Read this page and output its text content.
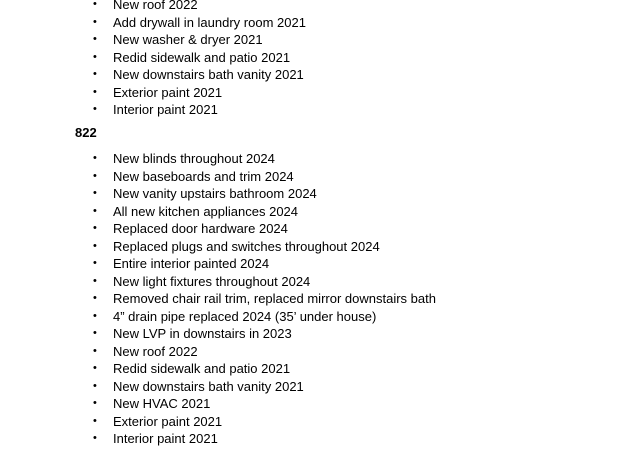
• New roof 2022
• Add drywall in laundry room 2021
• New washer & dryer 2021
• Redid sidewalk and patio 2021
• New downstairs bath vanity 2021
• Exterior paint 2021
• Interior paint 2021

822

• New blinds throughout 2024
• New baseboards and trim 2024
• New vanity upstairs bathroom 2024
• All new kitchen appliances 2024
• Replaced door hardware 2024
• Replaced plugs and switches throughout 2024
• Entire interior painted 2024
• New light fixtures throughout 2024
• Removed chair rail trim, replaced mirror downstairs bath
• 4” drain pipe replaced 2024 (35’ under house)
• New LVP in downstairs in 2023
• New roof 2022
• Redid sidewalk and patio 2021
• New downstairs bath vanity 2021
• New HVAC 2021
• Exterior paint 2021
• Interior paint 2021
